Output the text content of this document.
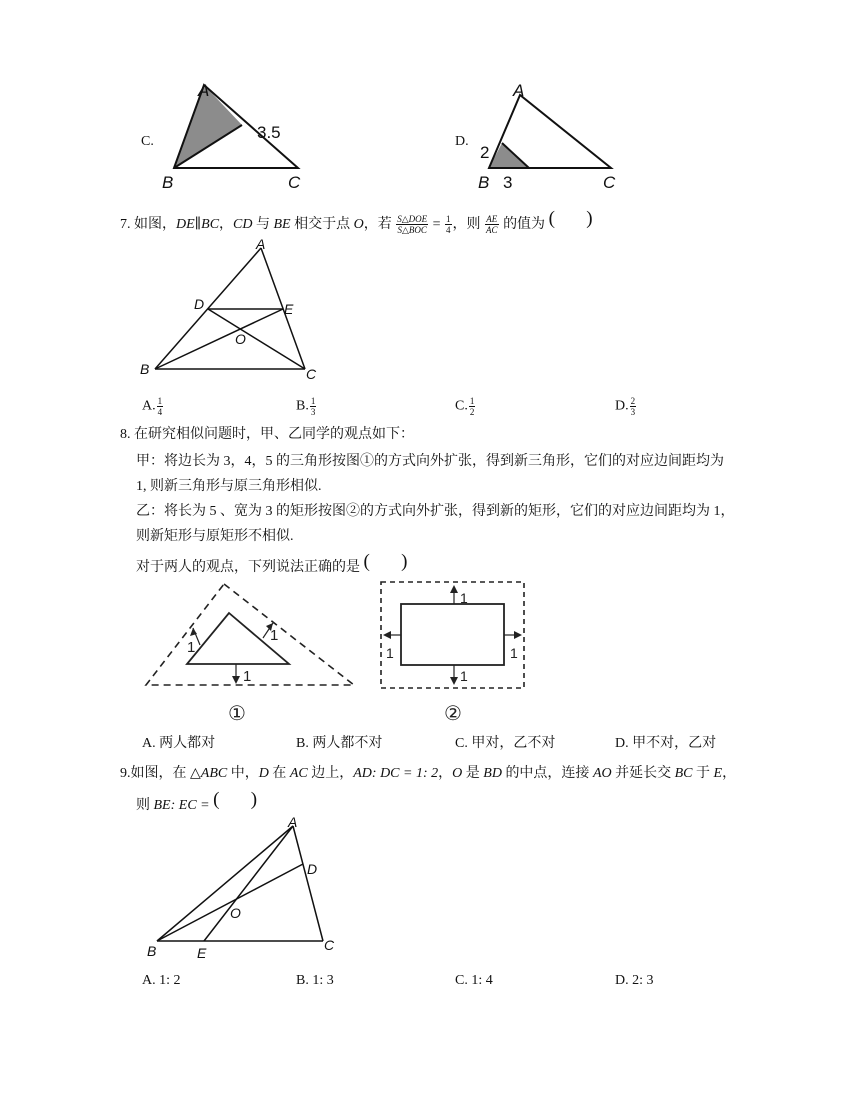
C.
A
B	C
3.5	D.
A
B	C
2
3
7. 如图，DE∥BC，CD 与 BE 相交于点 O，若 $\frac{\text{S△DOE}}{\text{S△BOC}} = \frac{1}{4}$ ，则 $\frac{AE}{AC}$ 的值为 ( )
A
B	C
D	E
O
A. $\frac{1}{4}$	B. $\frac{1}{3}$	C. $\frac{1}{2}$	D. $\frac{2}{3}$
8. 在研究相似问题时，甲、乙同学的观点如下：
甲：将边长为 3，4，5 的三角形按图①的方式向外扩张，得到新三角形，它们的对应边间距均为
1, 则新三角形与原三角形相似.
乙：将长为 5 、宽为 3 的矩形按图②的方式向外扩张，得到新的矩形，它们的对应边间距均为 1，
则新矩形与原矩形不相似.
对于两人的观点，下列说法正确的是 ( )
1
1
1
①
1
1
1	1
②
A. 两人都对	B. 两人都不对	C. 甲对，乙不对	D. 甲不对，乙对
9.如图，在 △ABC 中，D 在 AC 边上，AD: DC = 1: 2，O 是 BD 的中点，连接 AO 并延长交 BC 于 E，
则 BE: EC = ( )
A
B	C
D
E
O
A. 1: 2	B. 1: 3	C. 1: 4	D. 2: 3
